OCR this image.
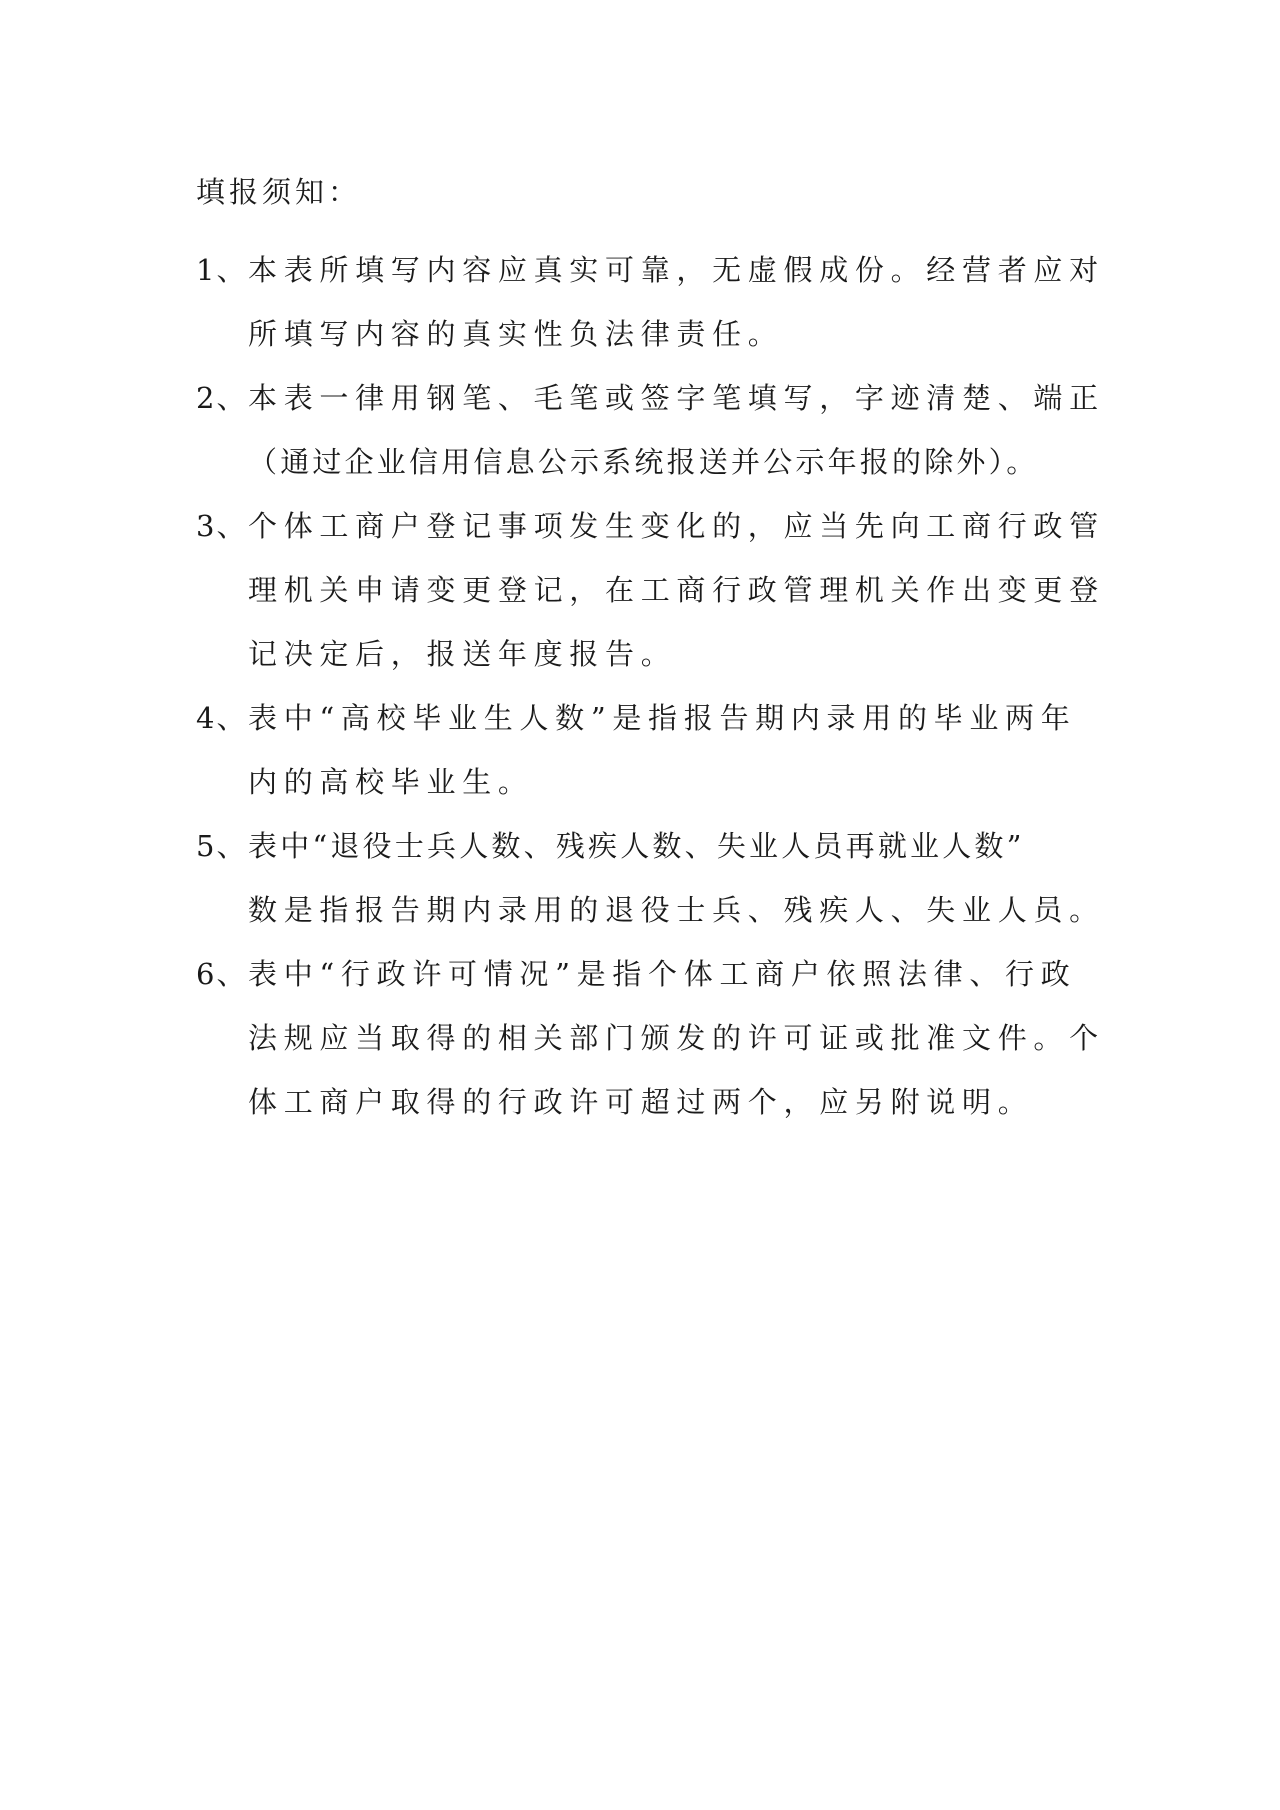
填报须知：
1、 本表所填写内容应真实可靠，无虚假成份。经营者应对
所填写内容的真实性负法律责任。
2、 本表一律用钢笔、毛笔或签字笔填写，字迹清楚、端正
（通过企业信用信息公示系统报送并公示年报的除外）。
3、 个体工商户登记事项发生变化的，应当先向工商行政管
理机关申请变更登记，在工商行政管理机关作出变更登
记决定后，报送年度报告。
4、 表中“高校毕业生人数”是指报告期内录用的毕业两年
内的高校毕业生。
5、 表中“退役士兵人数、残疾人数、失业人员再就业人数”
数是指报告期内录用的退役士兵、残疾人、失业人员。
6、 表中“行政许可情况”是指个体工商户依照法律、行政
法规应当取得的相关部门颁发的许可证或批准文件。个
体工商户取得的行政许可超过两个，应另附说明。
